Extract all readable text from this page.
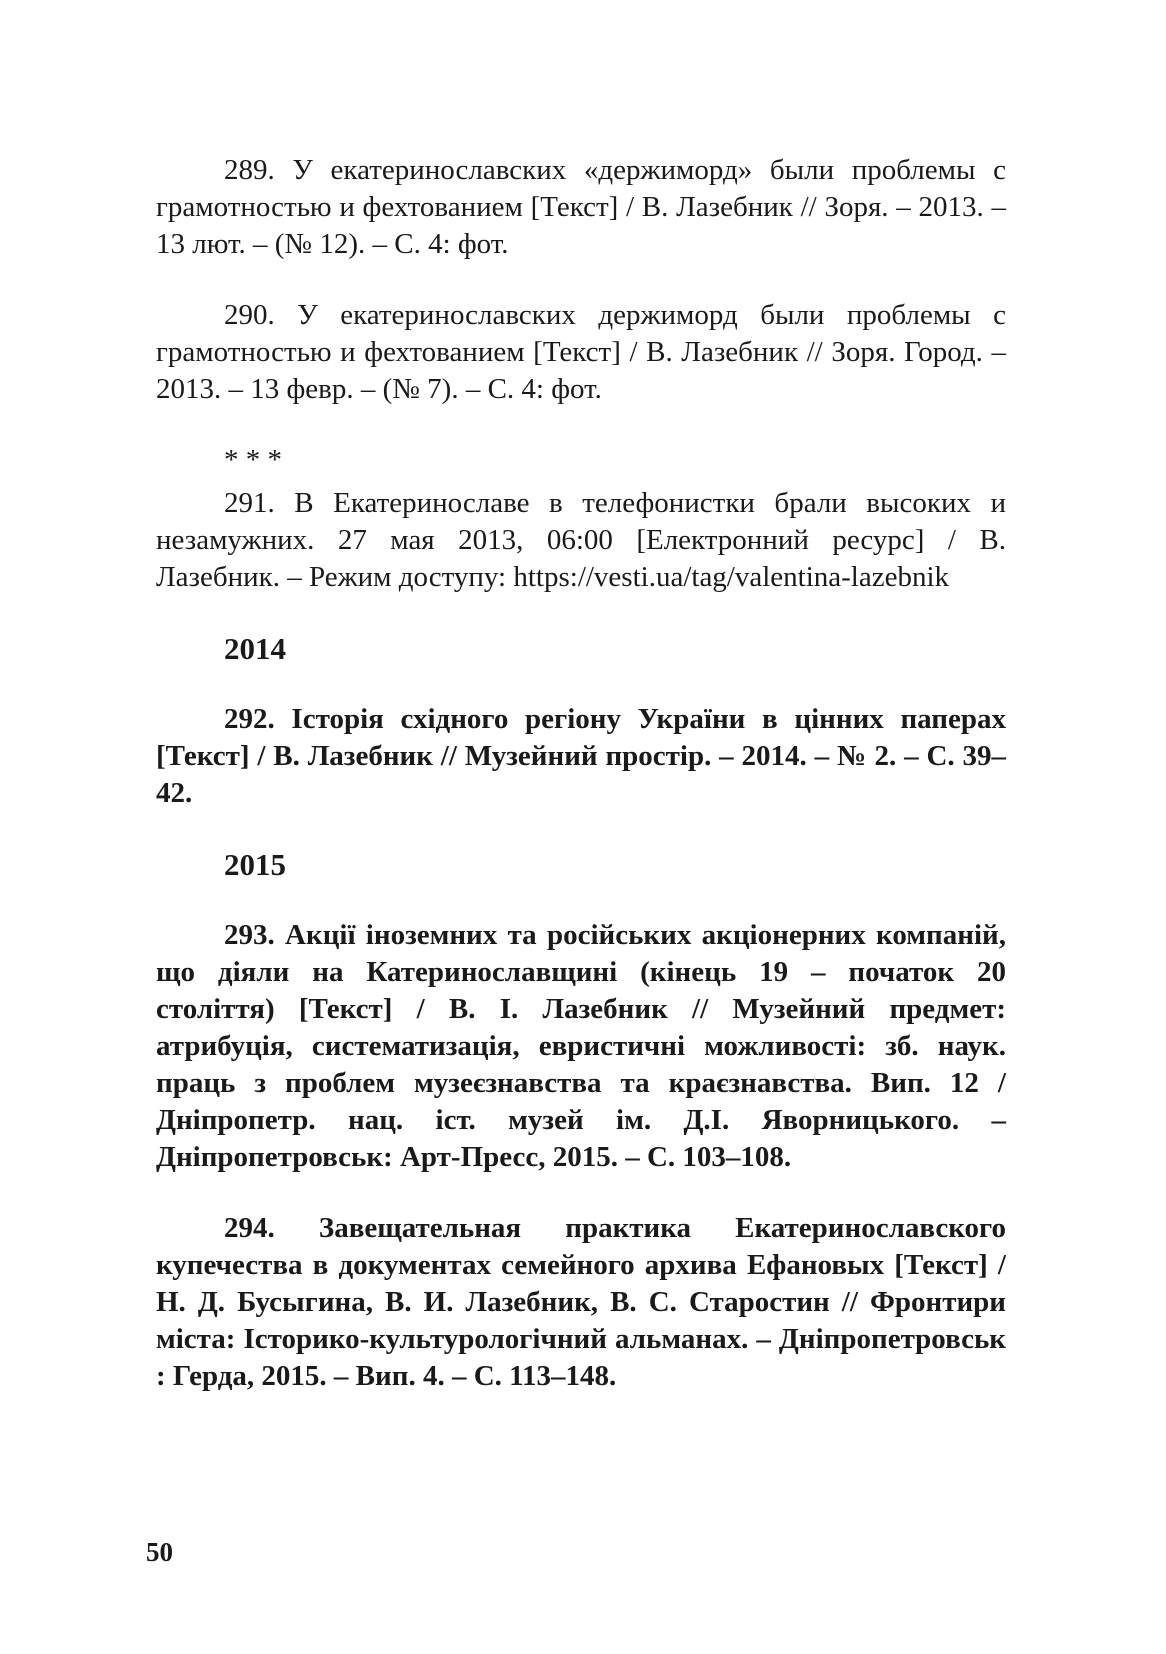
289. У екатеринославских «держиморд» были проблемы с грамотностью и фехтованием [Текст] / В. Лазебник // Зоря. – 2013. – 13 лют. – (№ 12). – С. 4: фот.

290. У екатеринославских держиморд были проблемы с грамотностью и фехтованием [Текст] / В. Лазебник // Зоря. Город. – 2013. – 13 февр. – (№ 7). – С. 4: фот.

* * *

291. В Екатеринославе в телефонистки брали высоких и незамужних. 27 мая 2013, 06:00 [Електронний ресурс] / В. Лазебник. – Режим доступу: https://vesti.ua/tag/valentina-lazebnik

2014

292. Історія східного регіону України в цінних паперах [Текст] / В. Лазебник // Музейний простір. – 2014. – № 2. – С. 39–42.

2015

293. Акції іноземних та російських акціонерних компаній, що діяли на Катеринославщині (кінець 19 – початок 20 століття) [Текст] / В. І. Лазебник // Музейний предмет: атрибуція, систематизація, евристичні можливості: зб. наук. праць з проблем музеєзнавства та краєзнавства. Вип. 12 / Дніпропетр. нац. іст. музей ім. Д.І. Яворницького. – Дніпропетровськ: Арт-Пресс, 2015. – С. 103–108.

294. Завещательная практика Екатеринославского купечества в документах семейного архива Ефановых [Текст] / Н. Д. Бусыгина, В. И. Лазебник, В. С. Старостин // Фронтири міста: Історико-культурологічний альманах. – Дніпропетровськ : Герда, 2015. – Вип. 4. – С. 113–148.

50
